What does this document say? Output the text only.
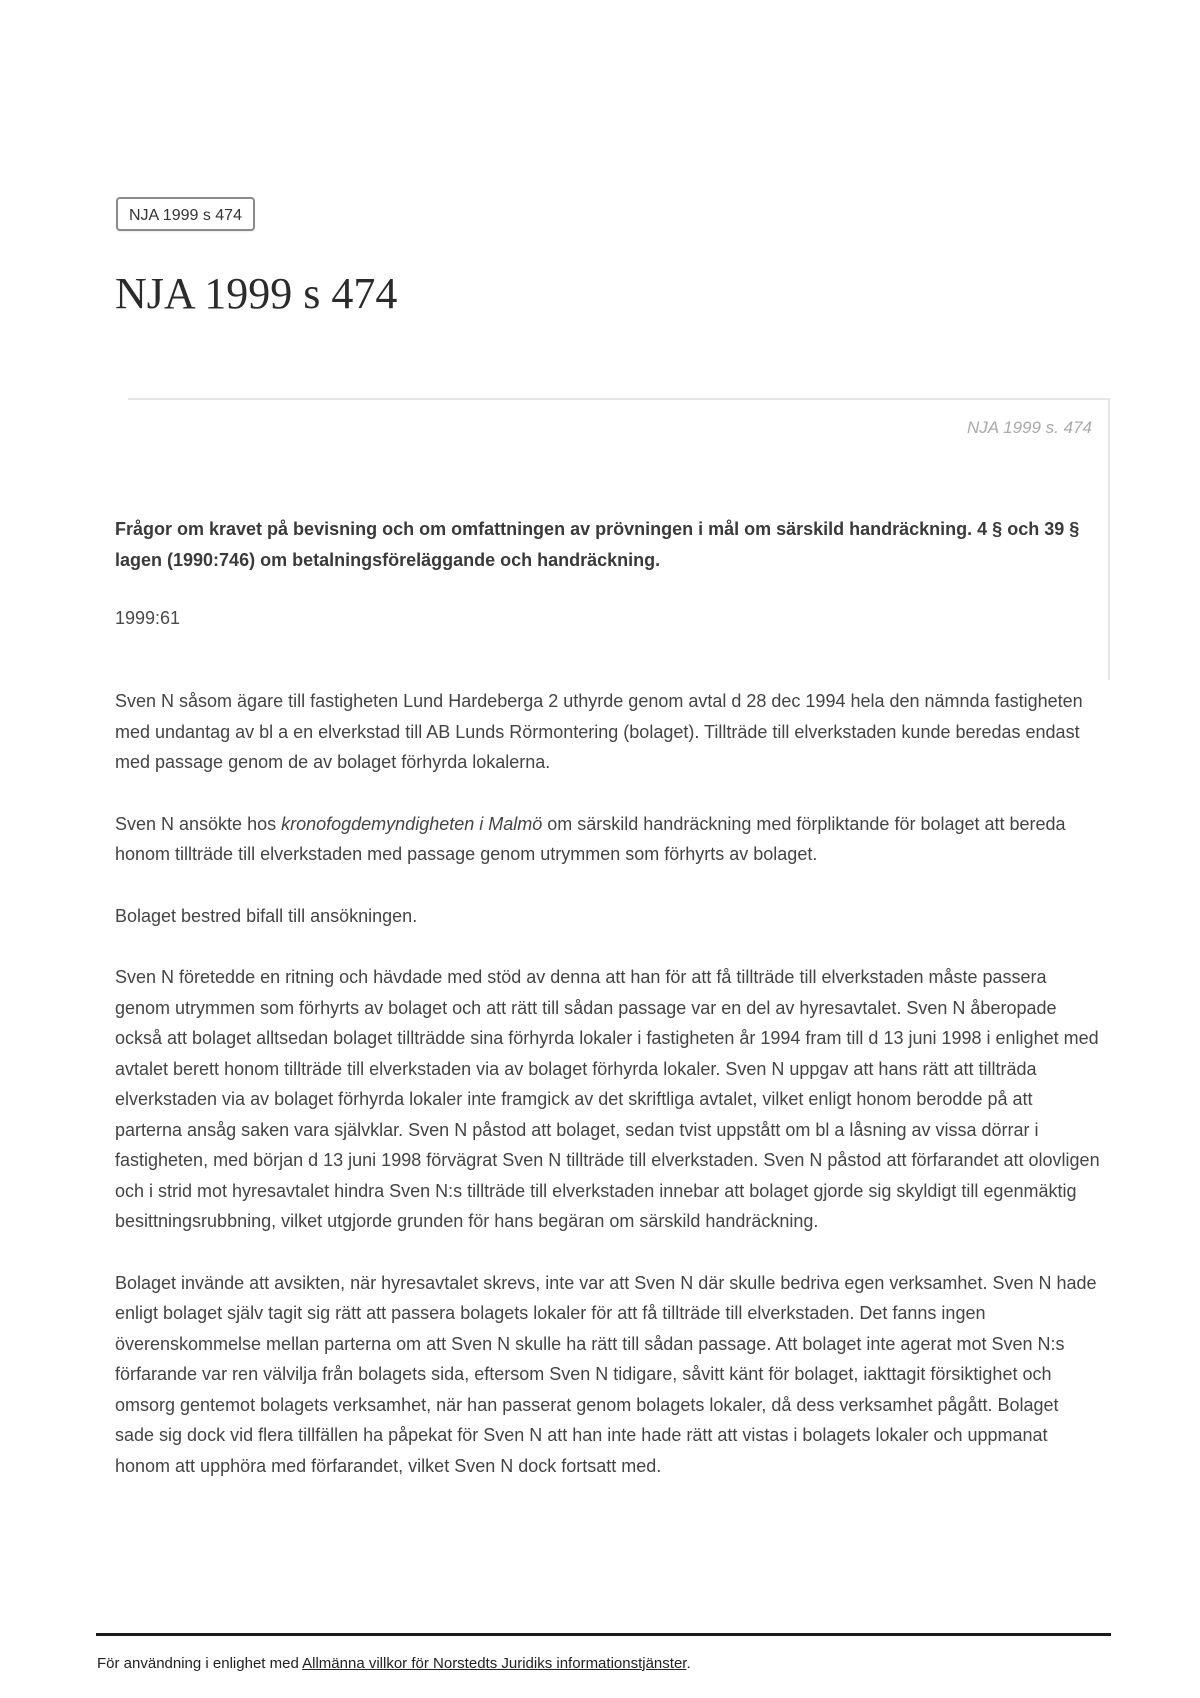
NJA 1999 s 474
NJA 1999 s 474
NJA 1999 s. 474

Frågor om kravet på bevisning och om omfattningen av prövningen i mål om särskild handräckning. 4 § och 39 § lagen (1990:746) om betalningsföreläggande och handräckning.

1999:61

Sven N såsom ägare till fastigheten Lund Hardeberga 2 uthyrde genom avtal d 28 dec 1994 hela den nämnda fastigheten med undantag av bl a en elverkstad till AB Lunds Rörmontering (bolaget). Tillträde till elverkstaden kunde beredas endast med passage genom de av bolaget förhyrda lokalerna.

Sven N ansökte hos kronofogdemyndigheten i Malmö om särskild handräckning med förpliktande för bolaget att bereda honom tillträde till elverkstaden med passage genom utrymmen som förhyrts av bolaget.

Bolaget bestred bifall till ansökningen.

Sven N företedde en ritning och hävdade med stöd av denna att han för att få tillträde till elverkstaden måste passera genom utrymmen som förhyrts av bolaget och att rätt till sådan passage var en del av hyresavtalet. Sven N åberopade också att bolaget alltsedan bolaget tillträdde sina förhyrda lokaler i fastigheten år 1994 fram till d 13 juni 1998 i enlighet med avtalet berett honom tillträde till elverkstaden via av bolaget förhyrda lokaler. Sven N uppgav att hans rätt att tillträda elverkstaden via av bolaget förhyrda lokaler inte framgick av det skriftliga avtalet, vilket enligt honom berodde på att parterna ansåg saken vara självklar. Sven N påstod att bolaget, sedan tvist uppstått om bl a låsning av vissa dörrar i fastigheten, med början d 13 juni 1998 förvägrat Sven N tillträde till elverkstaden. Sven N påstod att förfarandet att olovligen och i strid mot hyresavtalet hindra Sven N:s tillträde till elverkstaden innebar att bolaget gjorde sig skyldigt till egenmäktig besittningsrubbning, vilket utgjorde grunden för hans begäran om särskild handräckning.

Bolaget invände att avsikten, när hyresavtalet skrevs, inte var att Sven N där skulle bedriva egen verksamhet. Sven N hade enligt bolaget själv tagit sig rätt att passera bolagets lokaler för att få tillträde till elverkstaden. Det fanns ingen överenskommelse mellan parterna om att Sven N skulle ha rätt till sådan passage. Att bolaget inte agerat mot Sven N:s förfarande var ren välvilja från bolagets sida, eftersom Sven N tidigare, såvitt känt för bolaget, iakttagit försiktighet och omsorg gentemot bolagets verksamhet, när han passerat genom bolagets lokaler, då dess verksamhet pågått. Bolaget sade sig dock vid flera tillfällen ha påpekat för Sven N att han inte hade rätt att vistas i bolagets lokaler och uppmanat honom att upphöra med förfarandet, vilket Sven N dock fortsatt med.

För användning i enlighet med Allmänna villkor för Norstedts Juridiks informationstjänster.
